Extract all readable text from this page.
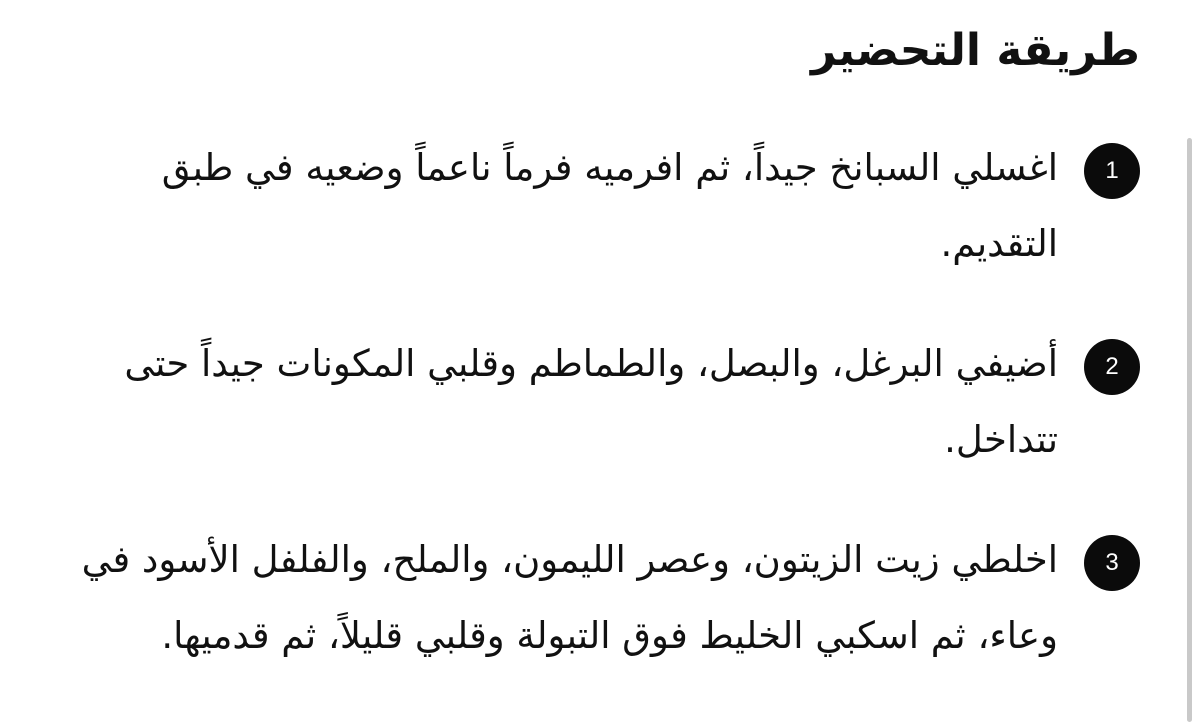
طريقة التحضير
1

اغسلي السبانخ جيداً، ثم افرميه فرماً ناعماً وضعيه في طبق التقديم.

2

أضيفي البرغل، والبصل، والطماطم وقلبي المكونات جيداً حتى تتداخل.

3

اخلطي زيت الزيتون، وعصر الليمون، والملح، والفلفل الأسود في وعاء، ثم اسكبي الخليط فوق التبولة وقلبي قليلاً، ثم قدميها.
